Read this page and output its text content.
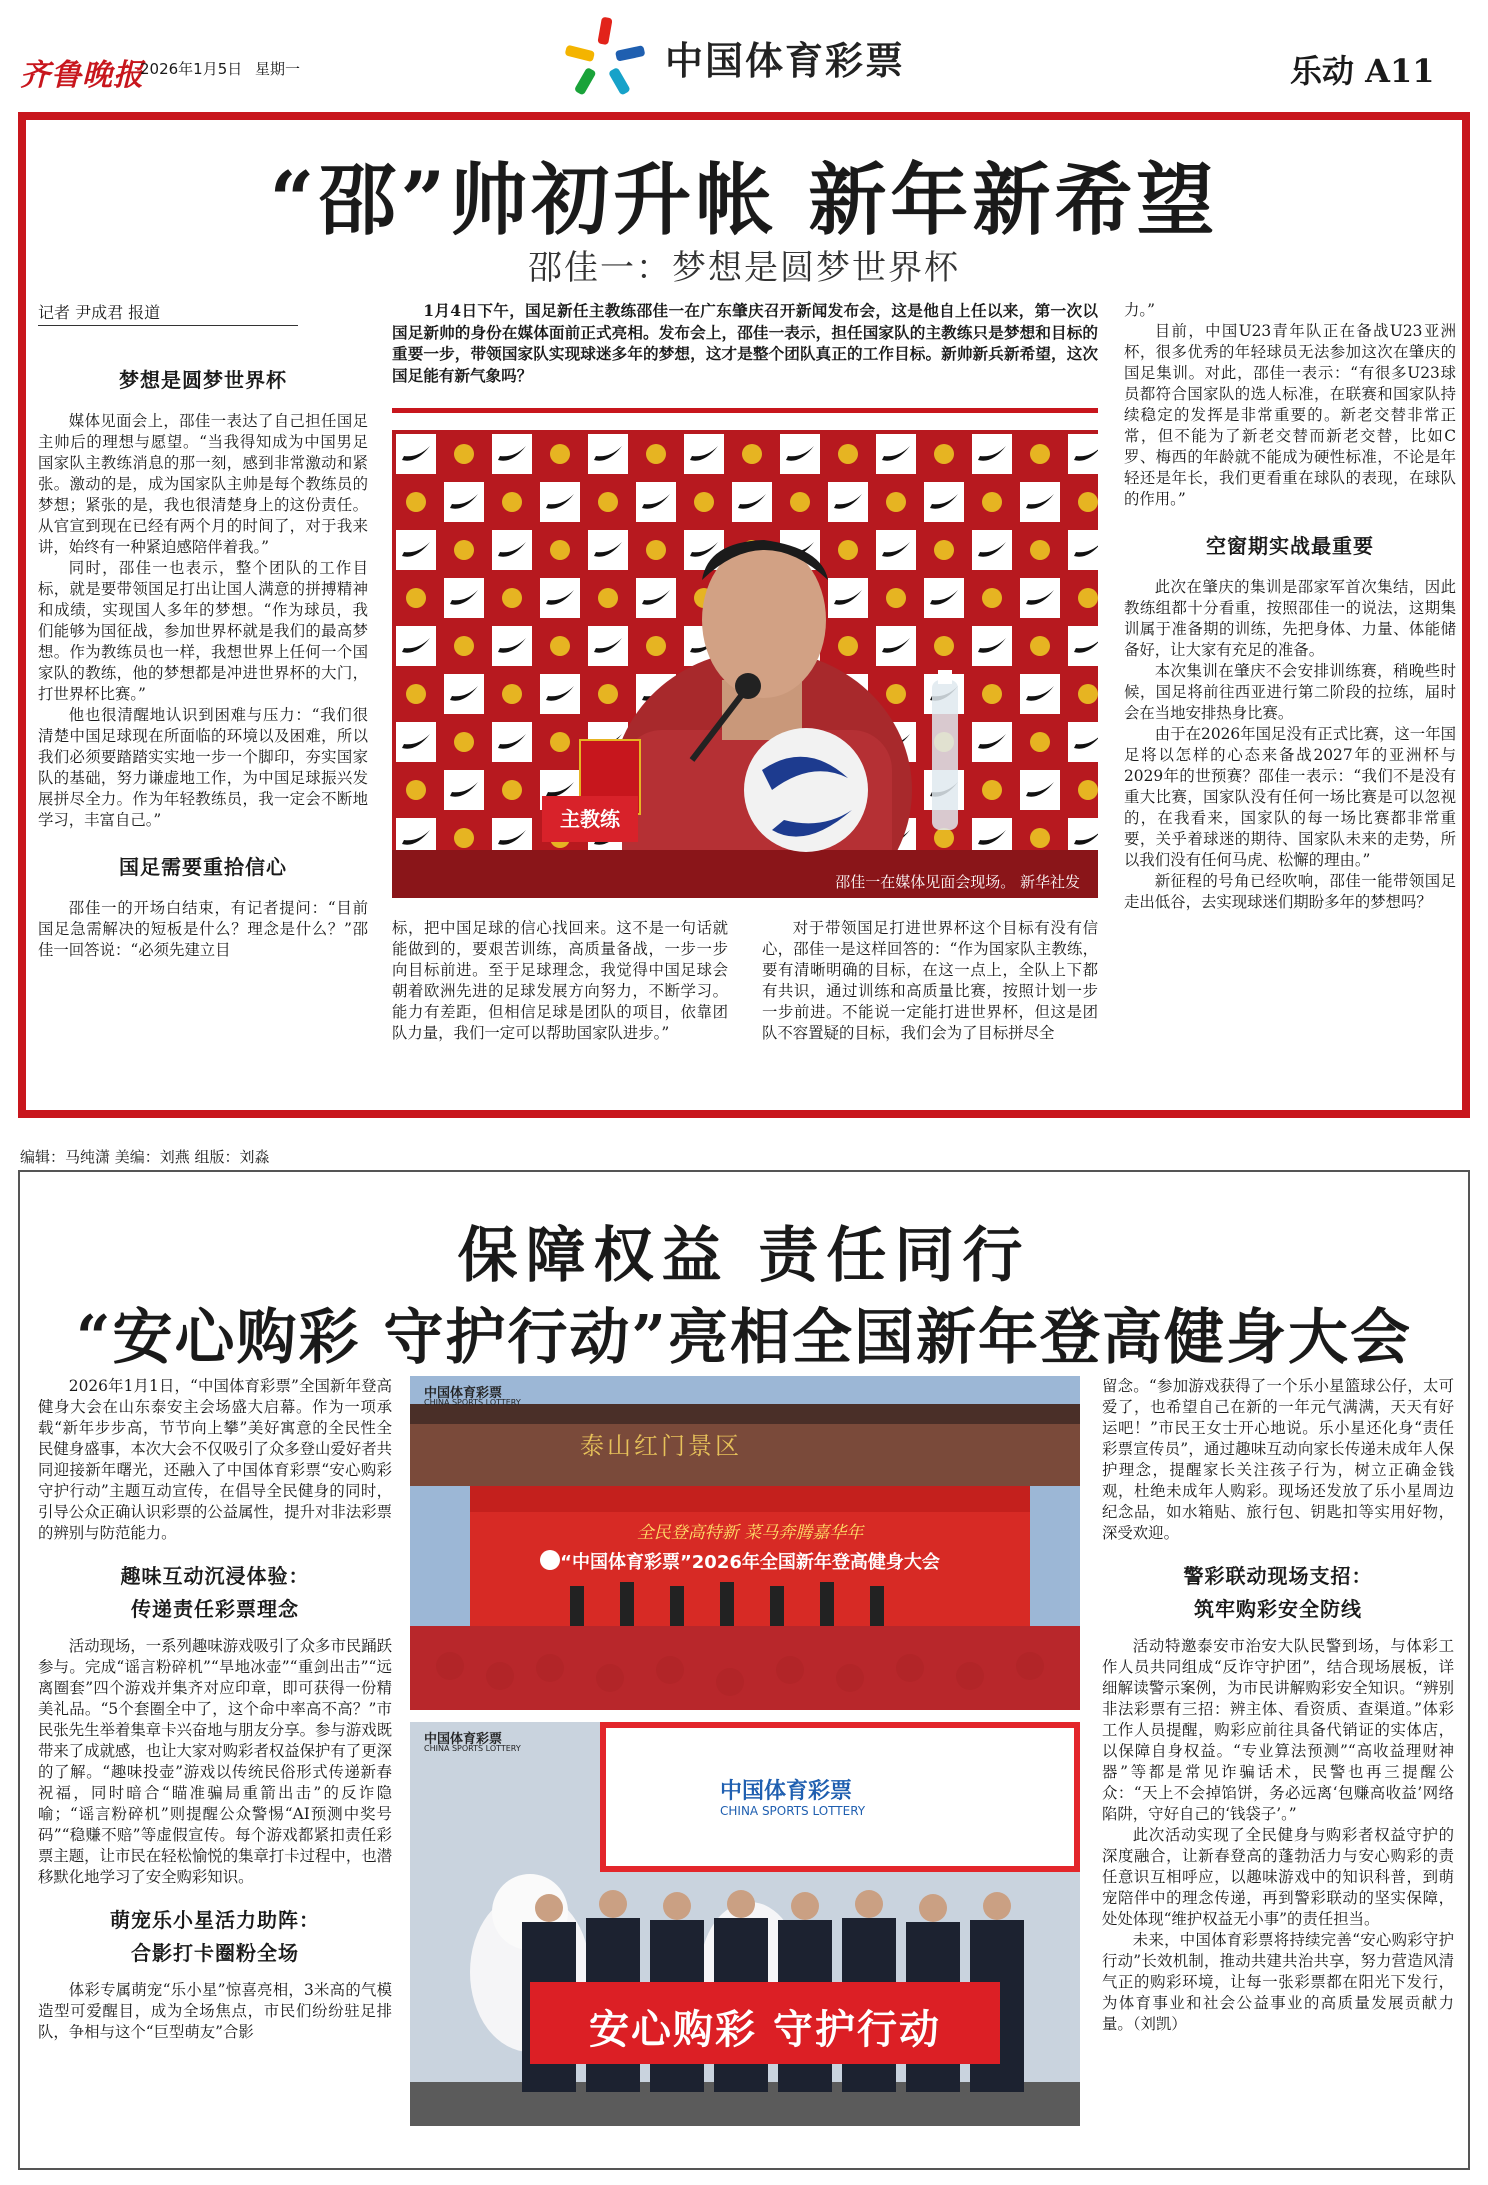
齐鲁晚报
2026年1月5日 星期一	中国体育彩票	乐动 A11
“邵”帅初升帐 新年新希望
邵佳一：梦想是圆梦世界杯
记者 尹成君 报道
梦想是圆梦世界杯

媒体见面会上，邵佳一表达了自己担任国足主帅后的理想与愿望。“当我得知成为中国男足国家队主教练消息的那一刻，感到非常激动和紧张。激动的是，成为国家队主帅是每个教练员的梦想；紧张的是，我也很清楚身上的这份责任。从官宣到现在已经有两个月的时间了，对于我来讲，始终有一种紧迫感陪伴着我。”

同时，邵佳一也表示，整个团队的工作目标，就是要带领国足打出让国人满意的拼搏精神和成绩，实现国人多年的梦想。“作为球员，我们能够为国征战，参加世界杯就是我们的最高梦想。作为教练员也一样，我想世界上任何一个国家队的教练，他的梦想都是冲进世界杯的大门，打世界杯比赛。”

他也很清醒地认识到困难与压力：“我们很清楚中国足球现在所面临的环境以及困难，所以我们必须要踏踏实实地一步一个脚印，夯实国家队的基础，努力谦虚地工作，为中国足球振兴发展拼尽全力。作为年轻教练员，我一定会不断地学习，丰富自己。”

国足需要重拾信心

邵佳一的开场白结束，有记者提问：“目前国足急需解决的短板是什么？理念是什么？”邵佳一回答说：“必须先建立目

1月4日下午，国足新任主教练邵佳一在广东肇庆召开新闻发布会，这是他自上任以来，第一次以国足新帅的身份在媒体面前正式亮相。发布会上，邵佳一表示，担任国家队的主教练只是梦想和目标的重要一步，带领国家队实现球迷多年的梦想，这才是整个团队真正的工作目标。新帅新兵新希望，这次国足能有新气象吗？
主教练
邵佳一在媒体见面会现场。 新华社发

标，把中国足球的信心找回来。这不是一句话就能做到的，要艰苦训练，高质量备战，一步一步向目标前进。至于足球理念，我觉得中国足球会朝着欧洲先进的足球发展方向努力，不断学习。能力有差距，但相信足球是团队的项目，依靠团队力量，我们一定可以帮助国家队进步。”

对于带领国足打进世界杯这个目标有没有信心，邵佳一是这样回答的：“作为国家队主教练，要有清晰明确的目标，在这一点上，全队上下都有共识，通过训练和高质量比赛，按照计划一步一步前进。不能说一定能打进世界杯，但这是团队不容置疑的目标，我们会为了目标拼尽全

力。”

目前，中国U23青年队正在备战U23亚洲杯，很多优秀的年轻球员无法参加这次在肇庆的国足集训。对此，邵佳一表示：“有很多U23球员都符合国家队的选人标准，在联赛和国家队持续稳定的发挥是非常重要的。新老交替非常正常，但不能为了新老交替而新老交替，比如C罗、梅西的年龄就不能成为硬性标准，不论是年轻还是年长，我们更看重在球队的表现，在球队的作用。”

空窗期实战最重要

此次在肇庆的集训是邵家军首次集结，因此教练组都十分看重，按照邵佳一的说法，这期集训属于准备期的训练，先把身体、力量、体能储备好，让大家有充足的准备。

本次集训在肇庆不会安排训练赛，稍晚些时候，国足将前往西亚进行第二阶段的拉练，届时会在当地安排热身比赛。

由于在2026年国足没有正式比赛，这一年国足将以怎样的心态来备战2027年的亚洲杯与2029年的世预赛？邵佳一表示：“我们不是没有重大比赛，国家队没有任何一场比赛是可以忽视的，在我看来，国家队的每一场比赛都非常重要，关乎着球迷的期待、国家队未来的走势，所以我们没有任何马虎、松懈的理由。”

新征程的号角已经吹响，邵佳一能带领国足走出低谷，去实现球迷们期盼多年的梦想吗？

编辑：马纯潇 美编：刘燕 组版：刘淼
保障权益 责任同行
“安心购彩 守护行动”亮相全国新年登高健身大会

2026年1月1日，“中国体育彩票”全国新年登高健身大会在山东泰安主会场盛大启幕。作为一项承载“新年步步高，节节向上攀”美好寓意的全民性全民健身盛事，本次大会不仅吸引了众多登山爱好者共同迎接新年曙光，还融入了中国体育彩票“安心购彩 守护行动”主题互动宣传，在倡导全民健身的同时，引导公众正确认识彩票的公益属性，提升对非法彩票的辨别与防范能力。

趣味互动沉浸体验：
传递责任彩票理念

活动现场，一系列趣味游戏吸引了众多市民踊跃参与。完成“谣言粉碎机”“旱地冰壶”“重剑出击”“远离圈套”四个游戏并集齐对应印章，即可获得一份精美礼品。“5个套圈全中了，这个命中率高不高？”市民张先生举着集章卡兴奋地与朋友分享。参与游戏既带来了成就感，也让大家对购彩者权益保护有了更深的了解。“趣味投壶”游戏以传统民俗形式传递新春祝福，同时暗合“瞄准骗局重箭出击”的反诈隐喻；“谣言粉碎机”则提醒公众警惕“AI预测中奖号码”“稳赚不赔”等虚假宣传。每个游戏都紧扣责任彩票主题，让市民在轻松愉悦的集章打卡过程中，也潜移默化地学习了安全购彩知识。

萌宠乐小星活力助阵：
合影打卡圈粉全场

体彩专属萌宠“乐小星”惊喜亮相，3米高的气模造型可爱醒目，成为全场焦点，市民们纷纷驻足排队，争相与这个“巨型萌友”合影

中国体育彩票
CHINA SPORTS LOTTERY
泰山红门景区
全民登高特新 菜马奔腾嘉华年
“中国体育彩票”2026年全国新年登高健身大会
中国体育彩票
CHINA SPORTS LOTTERY
中国体育彩票
CHINA SPORTS LOTTERY
安心购彩 守护行动

留念。“参加游戏获得了一个乐小星篮球公仔，太可爱了，也希望自己在新的一年元气满满，天天有好运吧！”市民王女士开心地说。乐小星还化身“责任彩票宣传员”，通过趣味互动向家长传递未成年人保护理念，提醒家长关注孩子行为，树立正确金钱观，杜绝未成年人购彩。现场还发放了乐小星周边纪念品，如水箱贴、旅行包、钥匙扣等实用好物，深受欢迎。

警彩联动现场支招：
筑牢购彩安全防线

活动特邀泰安市治安大队民警到场，与体彩工作人员共同组成“反诈守护团”，结合现场展板，详细解读警示案例，为市民讲解购彩安全知识。“辨别非法彩票有三招：辨主体、看资质、查渠道。”体彩工作人员提醒，购彩应前往具备代销证的实体店，以保障自身权益。“专业算法预测”“高收益理财神器”等都是常见诈骗话术，民警也再三提醒公众：“天上不会掉馅饼，务必远离‘包赚高收益’网络陷阱，守好自己的‘钱袋子’。”

此次活动实现了全民健身与购彩者权益守护的深度融合，让新春登高的蓬勃活力与安心购彩的责任意识互相呼应，以趣味游戏中的知识科普，到萌宠陪伴中的理念传递，再到警彩联动的坚实保障，处处体现“维护权益无小事”的责任担当。

未来，中国体育彩票将持续完善“安心购彩守护行动”长效机制，推动共建共治共享，努力营造风清气正的购彩环境，让每一张彩票都在阳光下发行，为体育事业和社会公益事业的高质量发展贡献力量。（刘凯）
